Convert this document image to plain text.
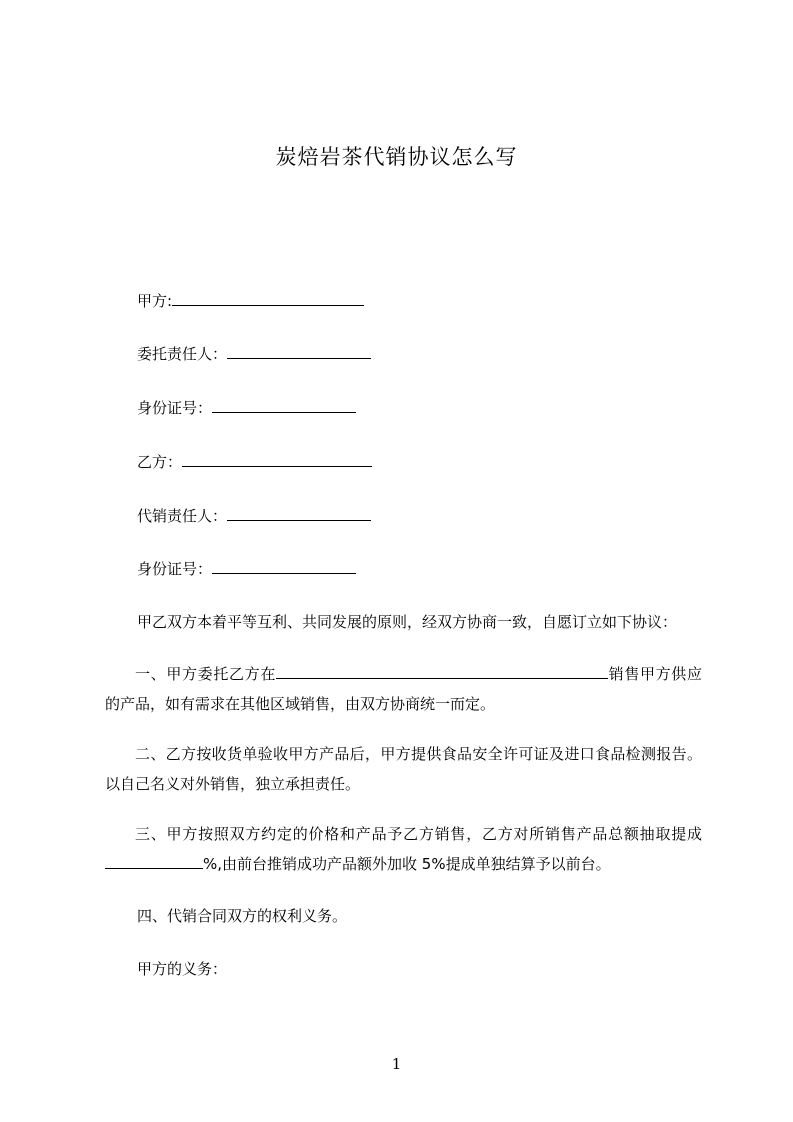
炭焙岩茶代销协议怎么写
甲方:
委托责任人：
身份证号：
乙方：
代销责任人：
身份证号：
甲乙双方本着平等互利、共同发展的原则，经双方协商一致，自愿订立如下协议：
一、甲方委托乙方在	销售甲方供应的产品，如有需求在其他区域销售，由双方协商统一而定。
二、乙方按收货单验收甲方产品后，甲方提供食品安全许可证及进口食品检测报告。以自己名义对外销售，独立承担责任。
三、甲方按照双方约定的价格和产品予乙方销售，乙方对所销售产品总额抽取提成%,由前台推销成功产品额外加收 5%提成单独结算予以前台。
四、代销合同双方的权利义务。
甲方的义务：
1
